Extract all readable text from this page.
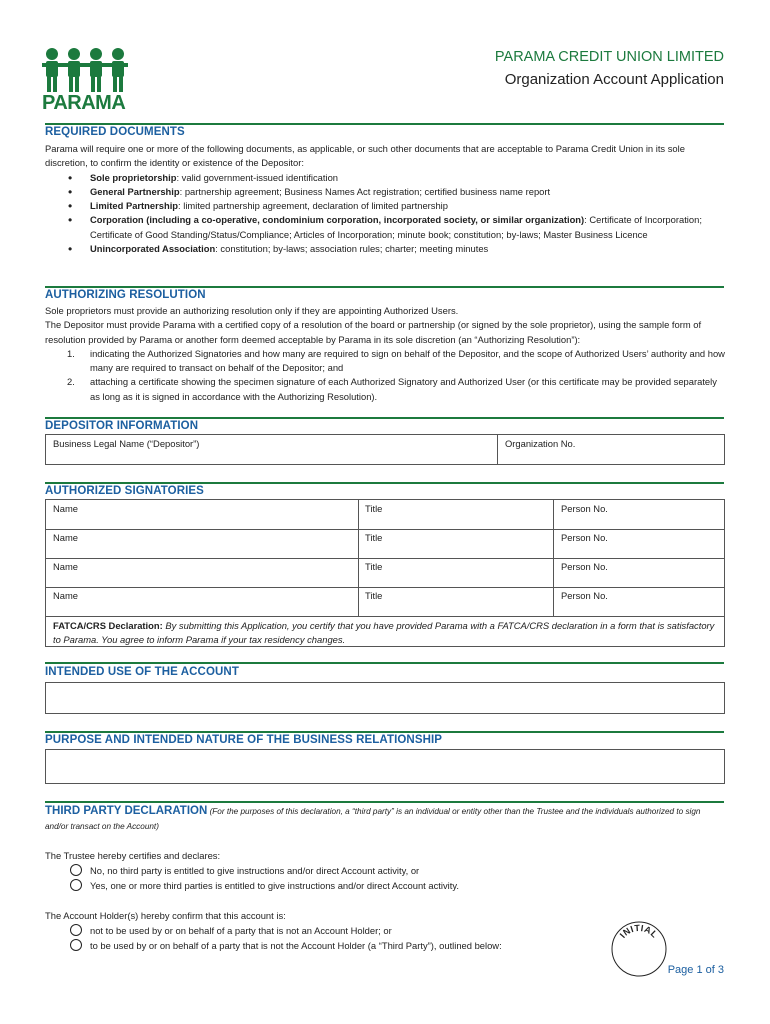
PARAMA
PARAMA CREDIT UNION LIMITED
Organization Account Application
REQUIRED DOCUMENTS

Parama will require one or more of the following documents, as applicable, or such other documents that are acceptable to Parama Credit Union in its sole discretion, to confirm the identity or existence of the Depositor:

• Sole proprietorship: valid government-issued identification
• General Partnership: partnership agreement; Business Names Act registration; certified business name report
• Limited Partnership: limited partnership agreement, declaration of limited partnership
• Corporation (including a co-operative, condominium corporation, incorporated society, or similar organization): Certificate of Incorporation; Certificate of Good Standing/Status/Compliance; Articles of Incorporation; minute book; constitution; by-laws; Master Business Licence
• Unincorporated Association: constitution; by-laws; association rules; charter; meeting minutes
AUTHORIZING RESOLUTION

Sole proprietors must provide an authorizing resolution only if they are appointing Authorized Users.

The Depositor must provide Parama with a certified copy of a resolution of the board or partnership (or signed by the sole proprietor), using the sample form of resolution provided by Parama or another form deemed acceptable by Parama in its sole discretion (an “Authorizing Resolution”):

1. indicating the Authorized Signatories and how many are required to sign on behalf of the Depositor, and the scope of Authorized Users’ authority and how many are required to transact on behalf of the Depositor; and
2. attaching a certificate showing the specimen signature of each Authorized Signatory and Authorized User (or this certificate may be provided separately as long as it is signed in accordance with the Authorizing Resolution).
DEPOSITOR INFORMATION
Business Legal Name (“Depositor”)	Organization No.
AUTHORIZED SIGNATORIES
Name	Title	Person No.
Name	Title	Person No.
Name	Title	Person No.
Name	Title	Person No.
FATCA/CRS Declaration: By submitting this Application, you certify that you have provided Parama with a FATCA/CRS declaration in a form that is satisfactory to Parama. You agree to inform Parama if your tax residency changes.
INTENDED USE OF THE ACCOUNT
PURPOSE AND INTENDED NATURE OF THE BUSINESS RELATIONSHIP
THIRD PARTY DECLARATION (For the purposes of this declaration, a “third party” is an individual or entity other than the Trustee and the individuals authorized to sign and/or transact on the Account)
The Trustee hereby certifies and declares:
No, no third party is entitled to give instructions and/or direct Account activity, or
Yes, one or more third parties is entitled to give instructions and/or direct Account activity.
The Account Holder(s) hereby confirm that this account is:
not to be used by or on behalf of a party that is not an Account Holder; or
to be used by or on behalf of a party that is not the Account Holder (a “Third Party”), outlined below:
INITIAL
Page 1 of 3
